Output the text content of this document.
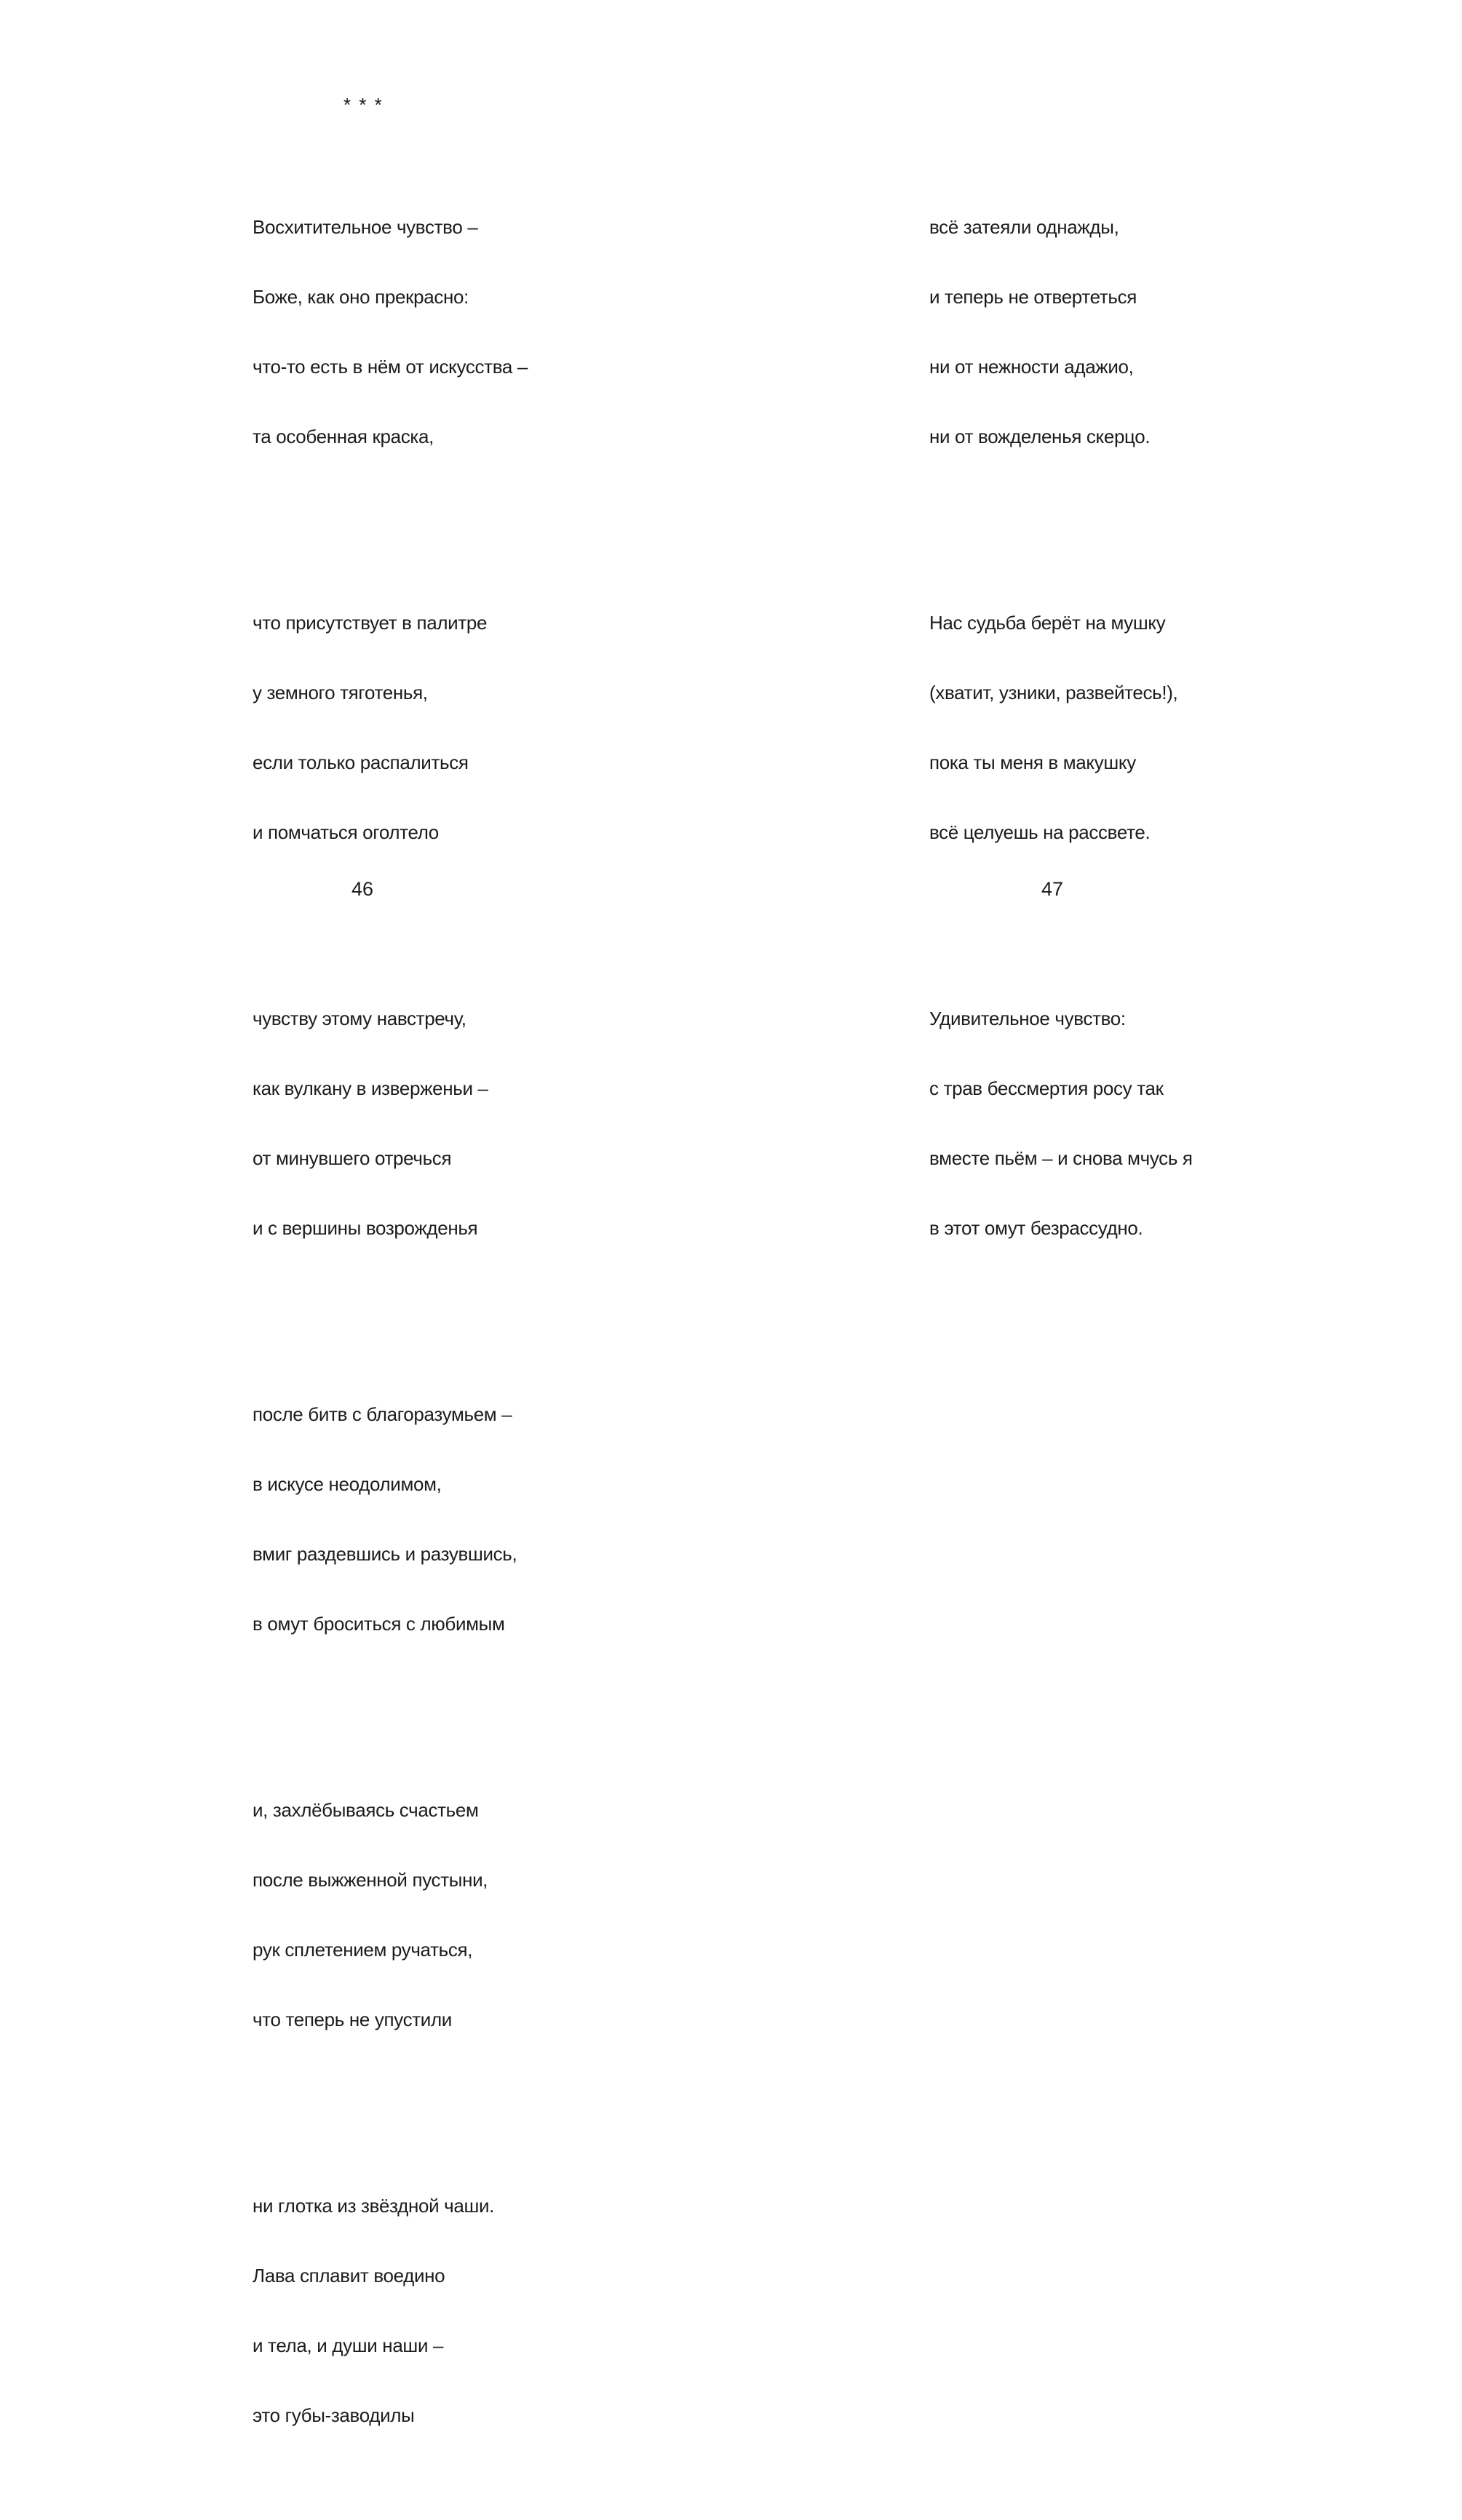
* * *

Восхитительное чувство –

Боже, как оно прекрасно:

что-то есть в нём от искусства –

та особенная краска,

что присутствует в палитре

у земного тяготенья,

если только распалиться

и помчаться оголтело

чувству этому навстречу,

как вулкану в изверженьи –

от минувшего отречься

и с вершины возрожденья

после битв с благоразумьем –

в искусе неодолимом,

вмиг раздевшись и разувшись,

в омут броситься с любимым

и, захлёбываясь счастьем

после выжженной пустыни,

рук сплетением ручаться,

что теперь не упустили

ни глотка из звёздной чаши.

Лава сплавит воедино

и тела, и души наши –

это губы-заводилы

46

всё затеяли однажды,

и теперь не отвертеться

ни от нежности адажио,

ни от вожделенья скерцо.

Нас судьба берёт на мушку

(хватит, узники, развейтесь!),

пока ты меня в макушку

всё целуешь на рассвете.

Удивительное чувство:

с трав бессмертия росу так

вместе пьём – и снова мчусь я

в этот омут безрассудно.

47
